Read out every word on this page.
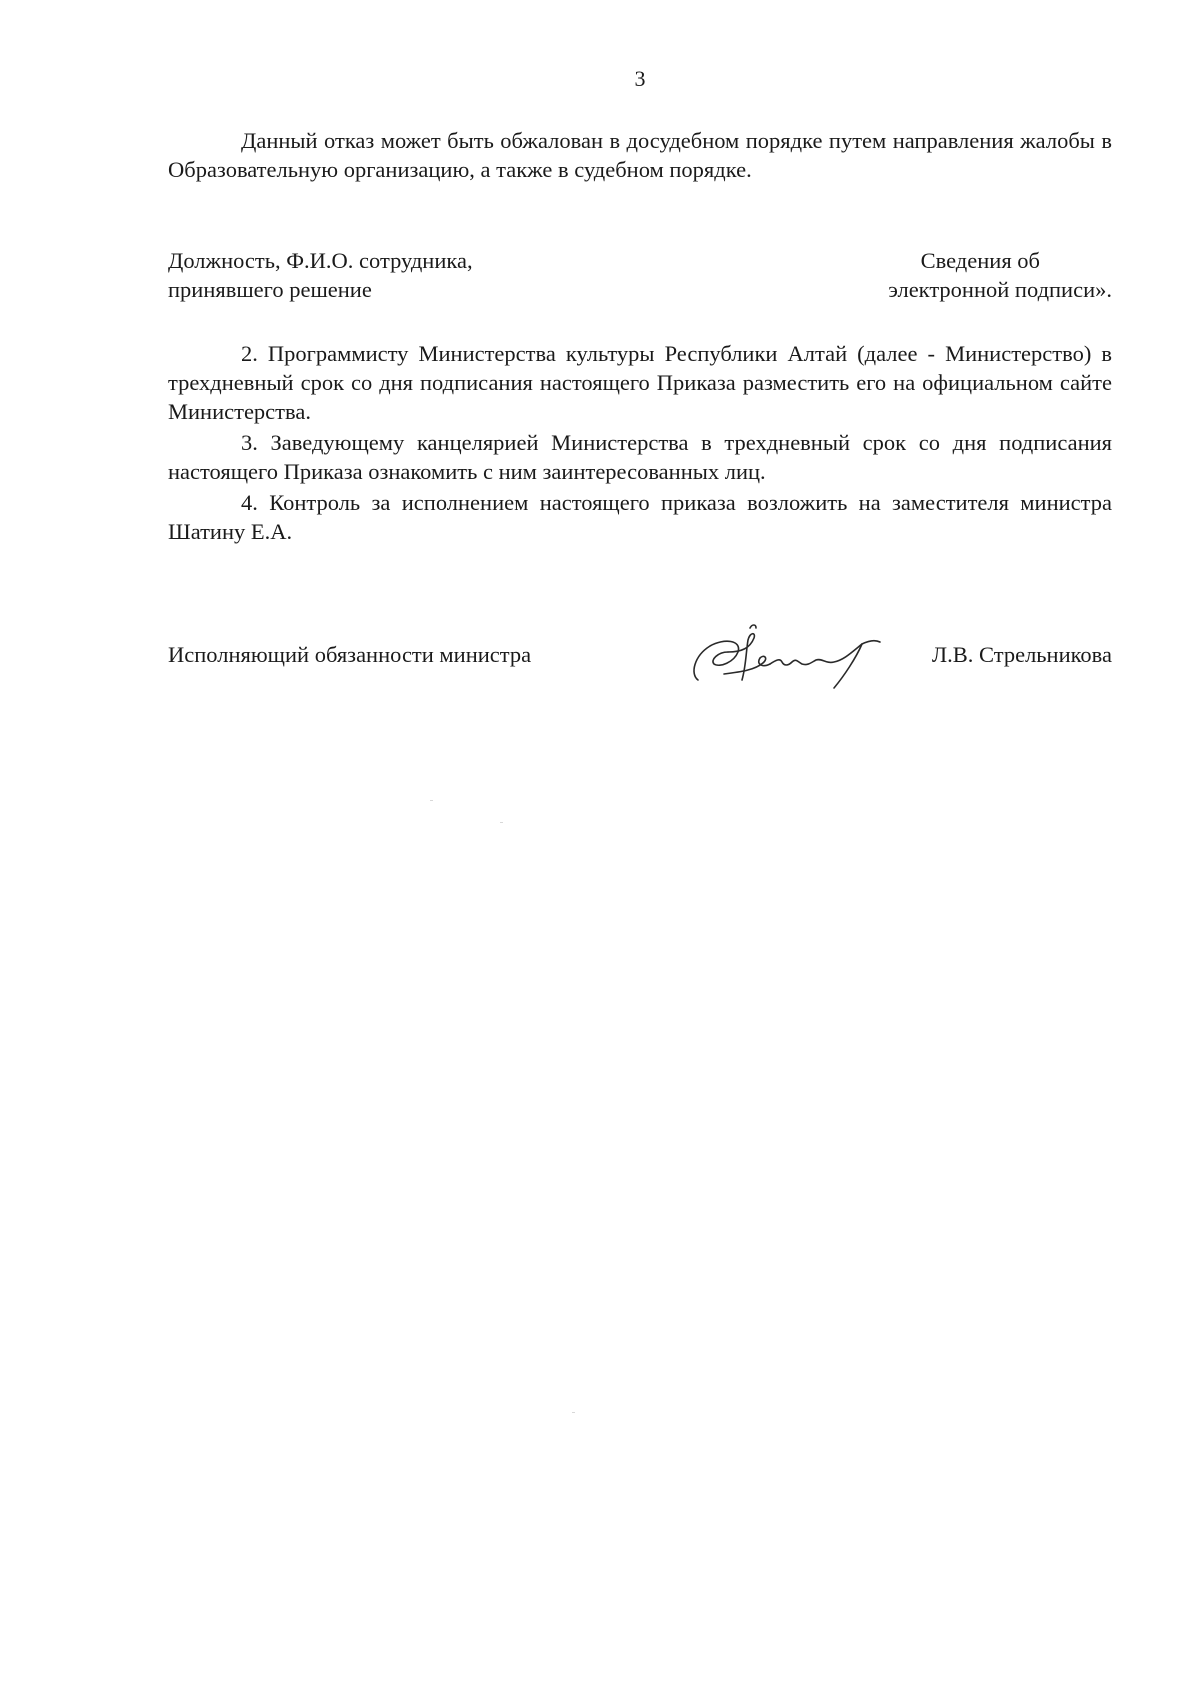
3

Данный отказ может быть обжалован в досудебном порядке путем направления жалобы в Образовательную организацию, а также в судебном порядке.

Должность, Ф.И.О. сотрудника,
принявшего решение
Сведения об
электронной подписи».

2. Программисту Министерства культуры Республики Алтай (далее - Министерство) в трехдневный срок со дня подписания настоящего Приказа разместить его на официальном сайте Министерства.

3. Заведующему канцелярией Министерства в трехдневный срок со дня подписания настоящего Приказа ознакомить с ним заинтересованных лиц.

4. Контроль за исполнением настоящего приказа возложить на заместителя министра Шатину Е.А.

Исполняющий обязанности министра	Л.В. Стрельникова
